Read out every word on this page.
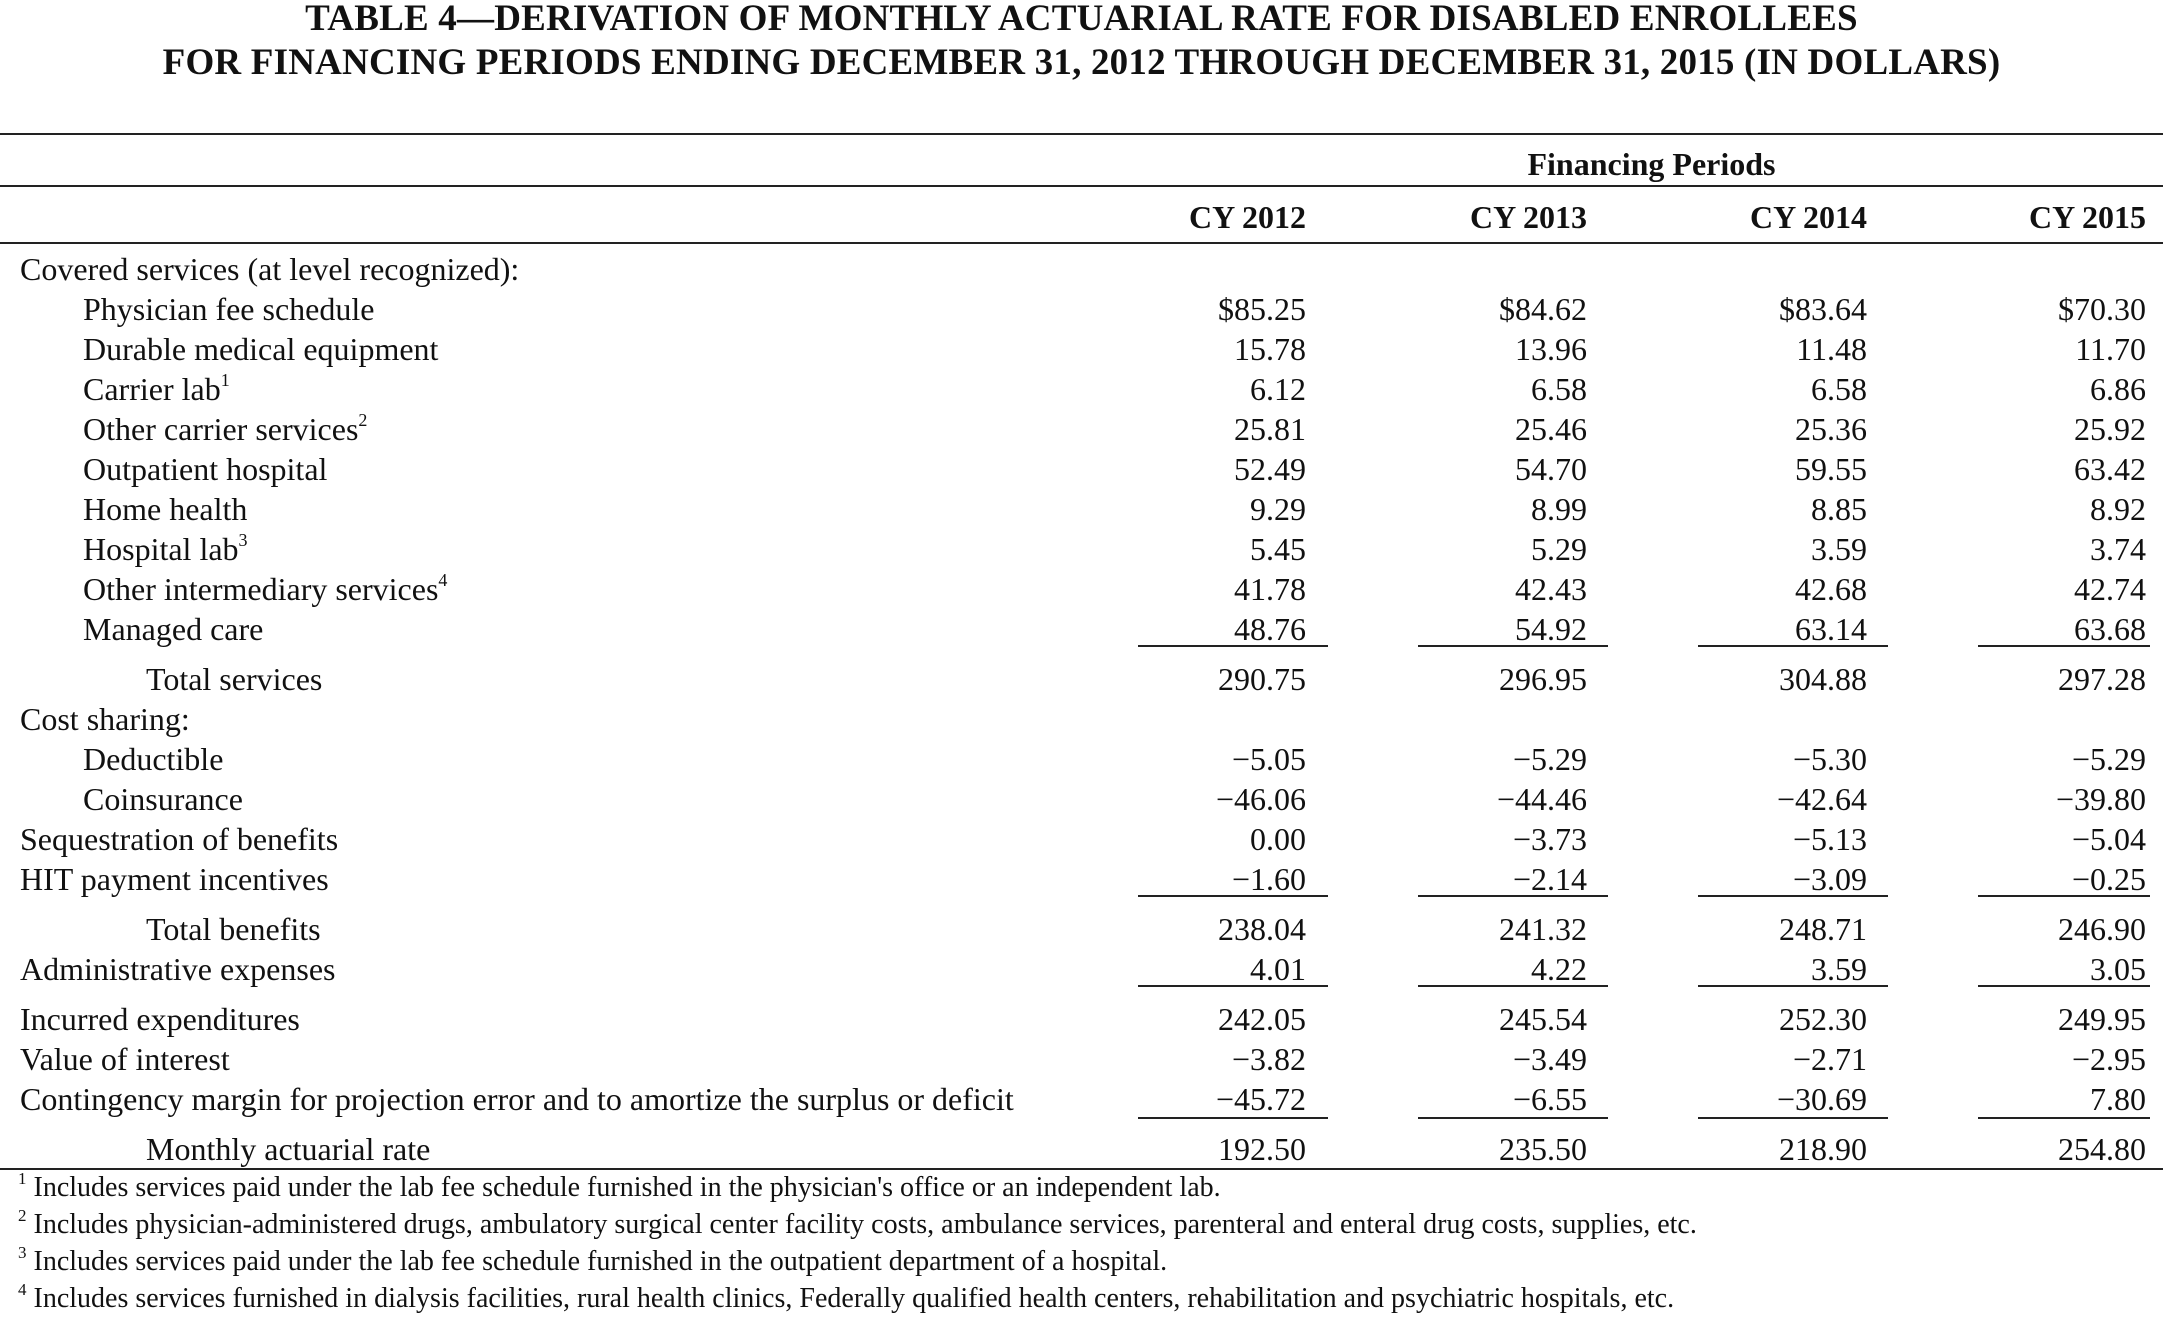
TABLE 4—DERIVATION OF MONTHLY ACTUARIAL RATE FOR DISABLED ENROLLEES
FOR FINANCING PERIODS ENDING DECEMBER 31, 2012 THROUGH DECEMBER 31, 2015 (IN DOLLARS)
Financing Periods
CY 2012	CY 2013	CY 2014	CY 2015
Covered services (at level recognized):
Physician fee schedule	$85.25	$84.62	$83.64	$70.30
Durable medical equipment	15.78	13.96	11.48	11.70
Carrier lab$^1$	6.12	6.58	6.58	6.86
Other carrier services$^2$	25.81	25.46	25.36	25.92
Outpatient hospital	52.49	54.70	59.55	63.42
Home health	9.29	8.99	8.85	8.92
Hospital lab$^3$	5.45	5.29	3.59	3.74
Other intermediary services$^4$	41.78	42.43	42.68	42.74
Managed care	48.76	54.92	63.14	63.68
Total services	290.75	296.95	304.88	297.28
Cost sharing:
Deductible	−5.05	−5.29	−5.30	−5.29
Coinsurance	−46.06	−44.46	−42.64	−39.80
Sequestration of benefits	0.00	−3.73	−5.13	−5.04
HIT payment incentives	−1.60	−2.14	−3.09	−0.25
Total benefits	238.04	241.32	248.71	246.90
Administrative expenses	4.01	4.22	3.59	3.05
Incurred expenditures	242.05	245.54	252.30	249.95
Value of interest	−3.82	−3.49	−2.71	−2.95
Contingency margin for projection error and to amortize the surplus or deficit	−45.72	−6.55	−30.69	7.80
Monthly actuarial rate	192.50	235.50	218.90	254.80
$^1$ Includes services paid under the lab fee schedule furnished in the physician's office or an independent lab.
$^2$ Includes physician-administered drugs, ambulatory surgical center facility costs, ambulance services, parenteral and enteral drug costs, supplies, etc.
$^3$ Includes services paid under the lab fee schedule furnished in the outpatient department of a hospital.
$^4$ Includes services furnished in dialysis facilities, rural health clinics, Federally qualified health centers, rehabilitation and psychiatric hospitals, etc.
